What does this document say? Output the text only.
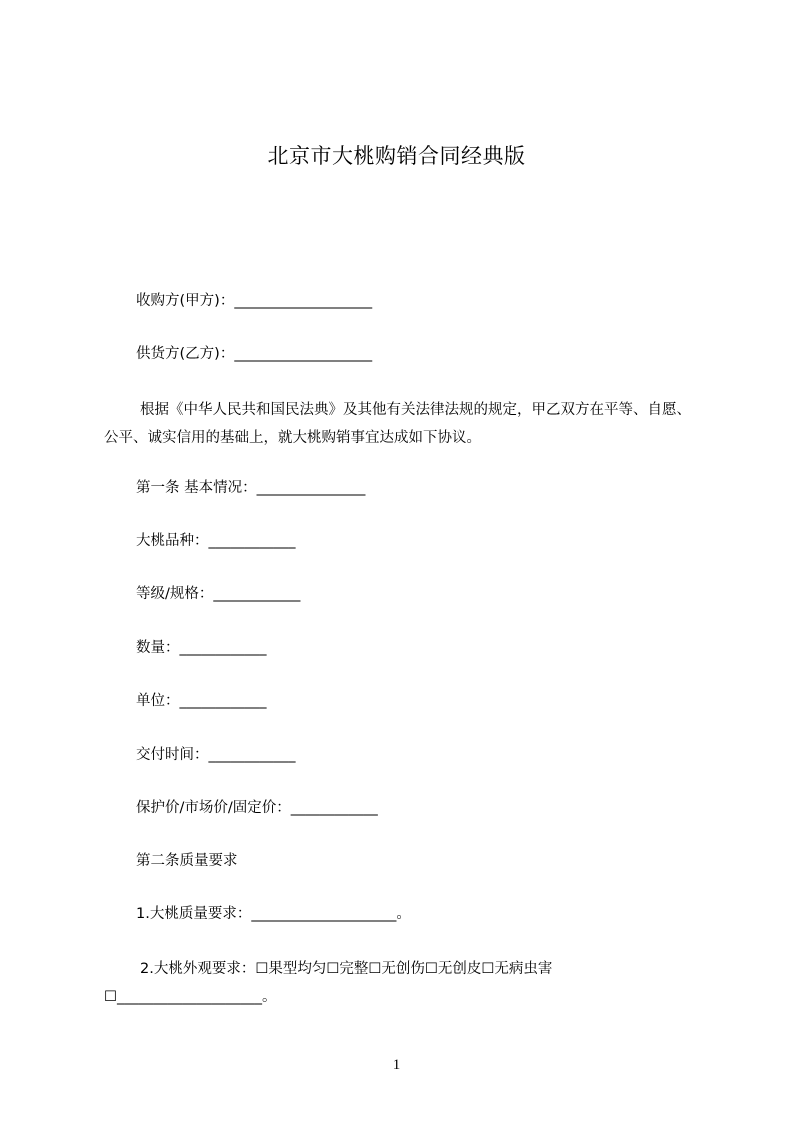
北京市大桃购销合同经典版
收购方(甲方)：___________________
供货方(乙方)：___________________
根据《中华人民共和国民法典》及其他有关法律法规的规定，甲乙双方在平等、自愿、公平、诚实信用的基础上，就大桃购销事宜达成如下协议。
第一条 基本情况：_______________
大桃品种：____________
等级/规格：____________
数量：____________
单位：____________
交付时间：____________
保护价/市场价/固定价：____________
第二条质量要求
1.大桃质量要求：____________________。
2.大桃外观要求：☐果型均匀☐完整☐无创伤☐无创皮☐无病虫害☐____________________。
1
